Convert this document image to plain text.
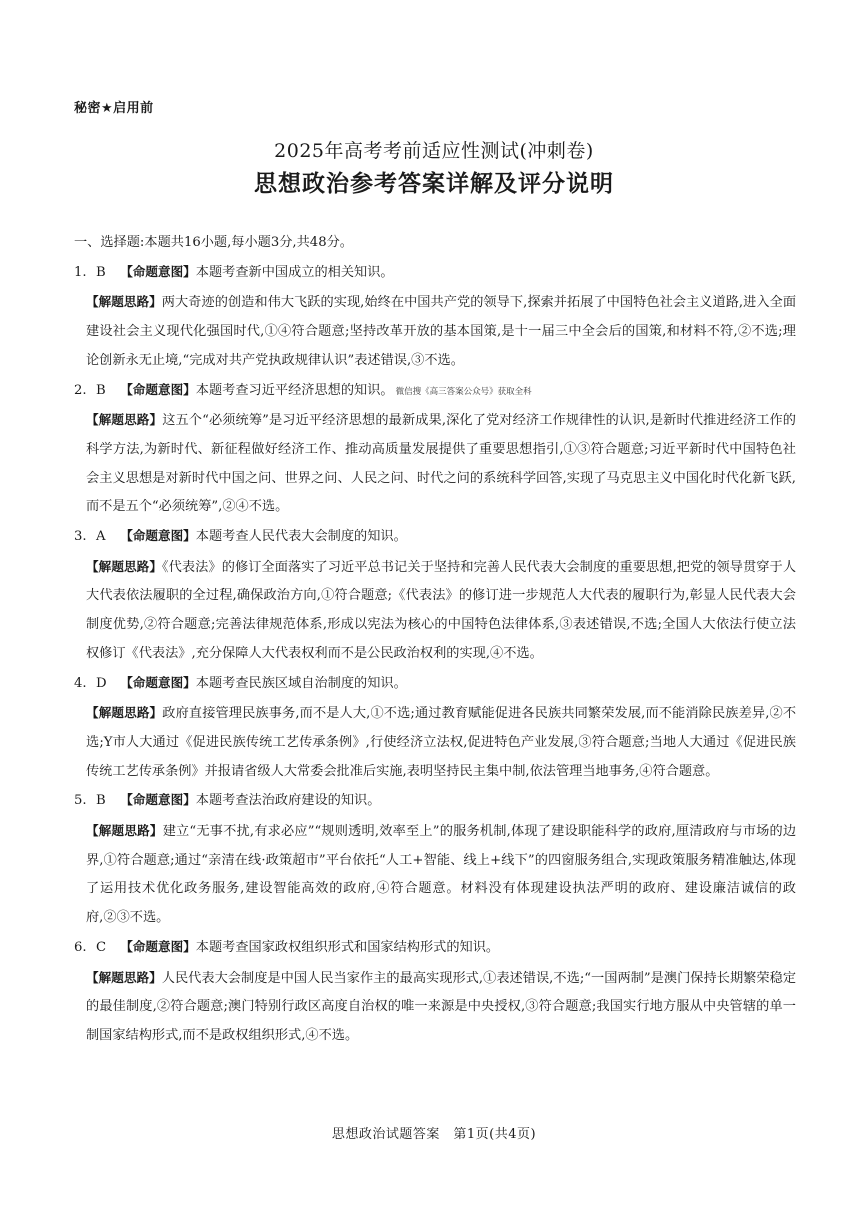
秘密★启用前
2025年高考考前适应性测试(冲刺卷)
思想政治参考答案详解及评分说明

一、选择题:本题共16小题,每小题3分,共48分。

1. B 【命题意图】本题考查新中国成立的相关知识。

【解题思路】两大奇迹的创造和伟大飞跃的实现,始终在中国共产党的领导下,探索并拓展了中国特色社会主义道路,进入全面建设社会主义现代化强国时代,①④符合题意;坚持改革开放的基本国策,是十一届三中全会后的国策,和材料不符,②不选;理论创新永无止境,“完成对共产党执政规律认识”表述错误,③不选。

2. B 【命题意图】本题考查习近平经济思想的知识。 微信搜《高三答案公众号》获取全科

【解题思路】这五个“必须统筹”是习近平经济思想的最新成果,深化了党对经济工作规律性的认识,是新时代推进经济工作的科学方法,为新时代、新征程做好经济工作、推动高质量发展提供了重要思想指引,①③符合题意;习近平新时代中国特色社会主义思想是对新时代中国之问、世界之问、人民之问、时代之问的系统科学回答,实现了马克思主义中国化时代化新飞跃,而不是五个“必须统筹”,②④不选。

3. A 【命题意图】本题考查人民代表大会制度的知识。

【解题思路】《代表法》的修订全面落实了习近平总书记关于坚持和完善人民代表大会制度的重要思想,把党的领导贯穿于人大代表依法履职的全过程,确保政治方向,①符合题意;《代表法》的修订进一步规范人大代表的履职行为,彰显人民代表大会制度优势,②符合题意;完善法律规范体系,形成以宪法为核心的中国特色法律体系,③表述错误,不选;全国人大依法行使立法权修订《代表法》,充分保障人大代表权利而不是公民政治权利的实现,④不选。

4. D 【命题意图】本题考查民族区域自治制度的知识。

【解题思路】政府直接管理民族事务,而不是人大,①不选;通过教育赋能促进各民族共同繁荣发展,而不能消除民族差异,②不选;Y市人大通过《促进民族传统工艺传承条例》,行使经济立法权,促进特色产业发展,③符合题意;当地人大通过《促进民族传统工艺传承条例》并报请省级人大常委会批准后实施,表明坚持民主集中制,依法管理当地事务,④符合题意。

5. B 【命题意图】本题考查法治政府建设的知识。

【解题思路】建立“无事不扰,有求必应”“规则透明,效率至上”的服务机制,体现了建设职能科学的政府,厘清政府与市场的边界,①符合题意;通过“亲清在线·政策超市”平台依托“人工+智能、线上+线下”的四窗服务组合,实现政策服务精准触达,体现了运用技术优化政务服务,建设智能高效的政府,④符合题意。材料没有体现建设执法严明的政府、建设廉洁诚信的政府,②③不选。

6. C 【命题意图】本题考查国家政权组织形式和国家结构形式的知识。

【解题思路】人民代表大会制度是中国人民当家作主的最高实现形式,①表述错误,不选;“一国两制”是澳门保持长期繁荣稳定的最佳制度,②符合题意;澳门特别行政区高度自治权的唯一来源是中央授权,③符合题意;我国实行地方服从中央管辖的单一制国家结构形式,而不是政权组织形式,④不选。

思想政治试题答案　第1页(共4页)
